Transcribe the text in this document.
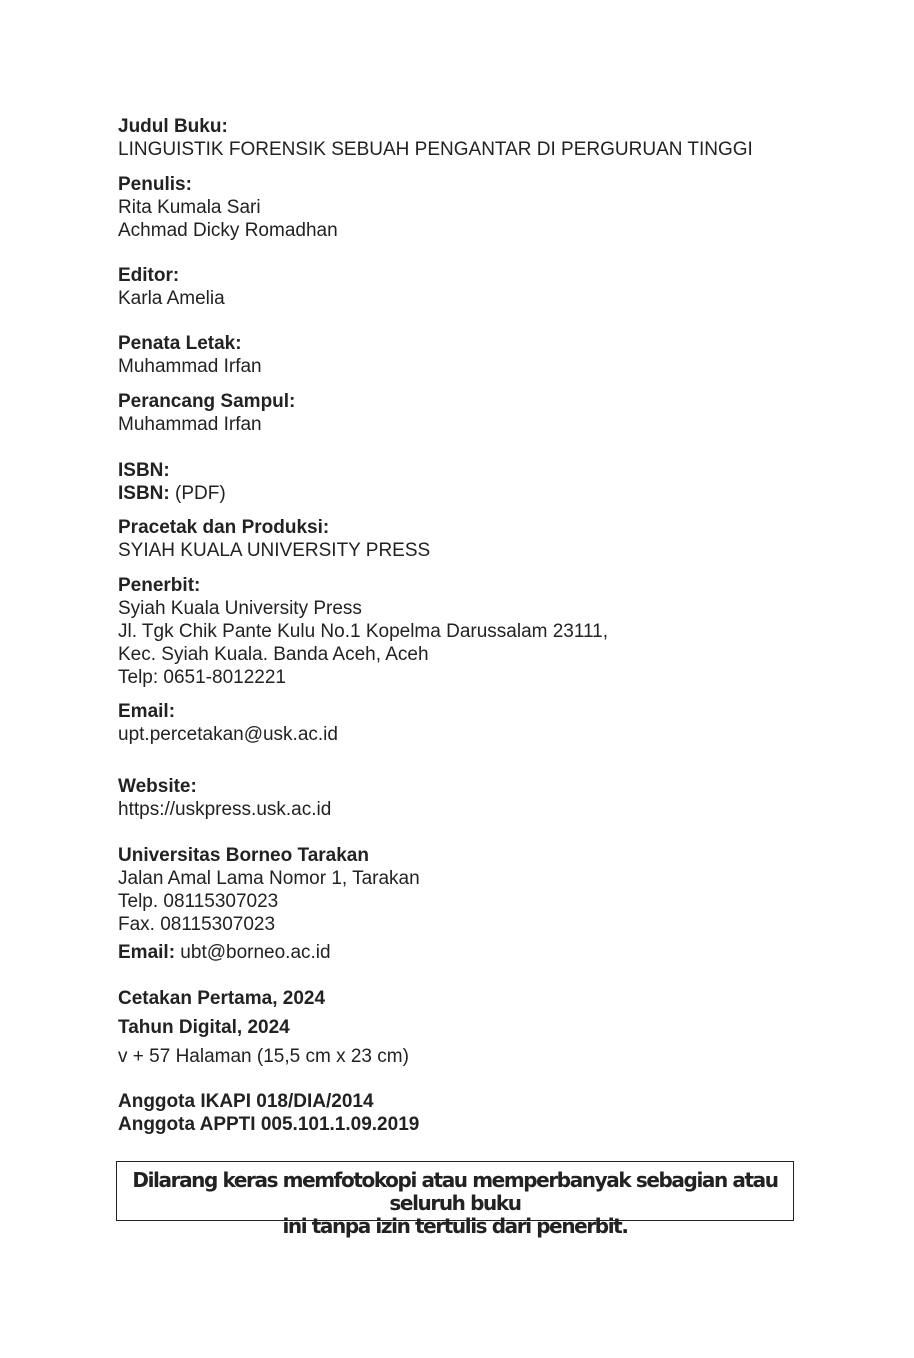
Judul Buku:
LINGUISTIK FORENSIK SEBUAH PENGANTAR DI PERGURUAN TINGGI
Penulis:
Rita Kumala Sari
Achmad Dicky Romadhan
Editor:
Karla Amelia
Penata Letak:
Muhammad Irfan
Perancang Sampul:
Muhammad Irfan
ISBN:
ISBN: (PDF)
Pracetak dan Produksi:
SYIAH KUALA UNIVERSITY PRESS
Penerbit:
Syiah Kuala University Press
Jl. Tgk Chik Pante Kulu No.1 Kopelma Darussalam 23111,
Kec. Syiah Kuala. Banda Aceh, Aceh
Telp: 0651-8012221
Email:
upt.percetakan@usk.ac.id
Website:
https://uskpress.usk.ac.id
Universitas Borneo Tarakan
Jalan Amal Lama Nomor 1, Tarakan
Telp. 08115307023
Fax. 08115307023
Email: ubt@borneo.ac.id
Cetakan Pertama, 2024
Tahun Digital, 2024
v + 57 Halaman (15,5 cm x 23 cm)
Anggota IKAPI 018/DIA/2014
Anggota APPTI 005.101.1.09.2019
Dilarang keras memfotokopi atau memperbanyak sebagian atau seluruh buku
ini tanpa izin tertulis dari penerbit.
